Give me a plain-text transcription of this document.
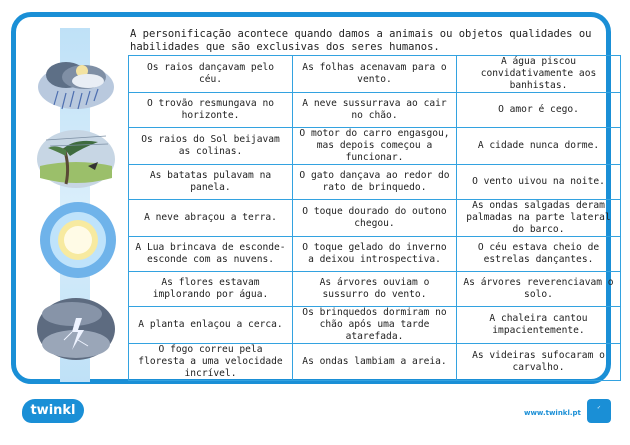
A personificação acontece quando damos a animais ou objetos qualidades ou habilidades que são exclusivas dos seres humanos.
Os raios dançavam pelo céu.	As folhas acenavam para o vento.	A água piscou convidativamente aos banhistas.
O trovão resmungava no horizonte.	A neve sussurrava ao cair no chão.	O amor é cego.
Os raios do Sol beijavam as colinas.	O motor do carro engasgou, mas depois começou a funcionar.	A cidade nunca dorme.
As batatas pulavam na panela.	O gato dançava ao redor do rato de brinquedo.	O vento uivou na noite.
A neve abraçou a terra.	O toque dourado do outono chegou.	As ondas salgadas deram palmadas na parte lateral do barco.
A Lua brincava de esconde-esconde com as nuvens.	O toque gelado do inverno a deixou introspectiva.	O céu estava cheio de estrelas dançantes.
As flores estavam implorando por água.	As árvores ouviam o sussurro do vento.	As árvores reverenciavam o solo.
A planta enlaçou a cerca.	Os brinquedos dormiram no chão após uma tarde atarefada.	A chaleira cantou impacientemente.
O fogo correu pela floresta a uma velocidade incrível.	As ondas lambiam a areia.	As videiras sufocaram o carvalho.
twinkl	www.twinkl.pt
✓
